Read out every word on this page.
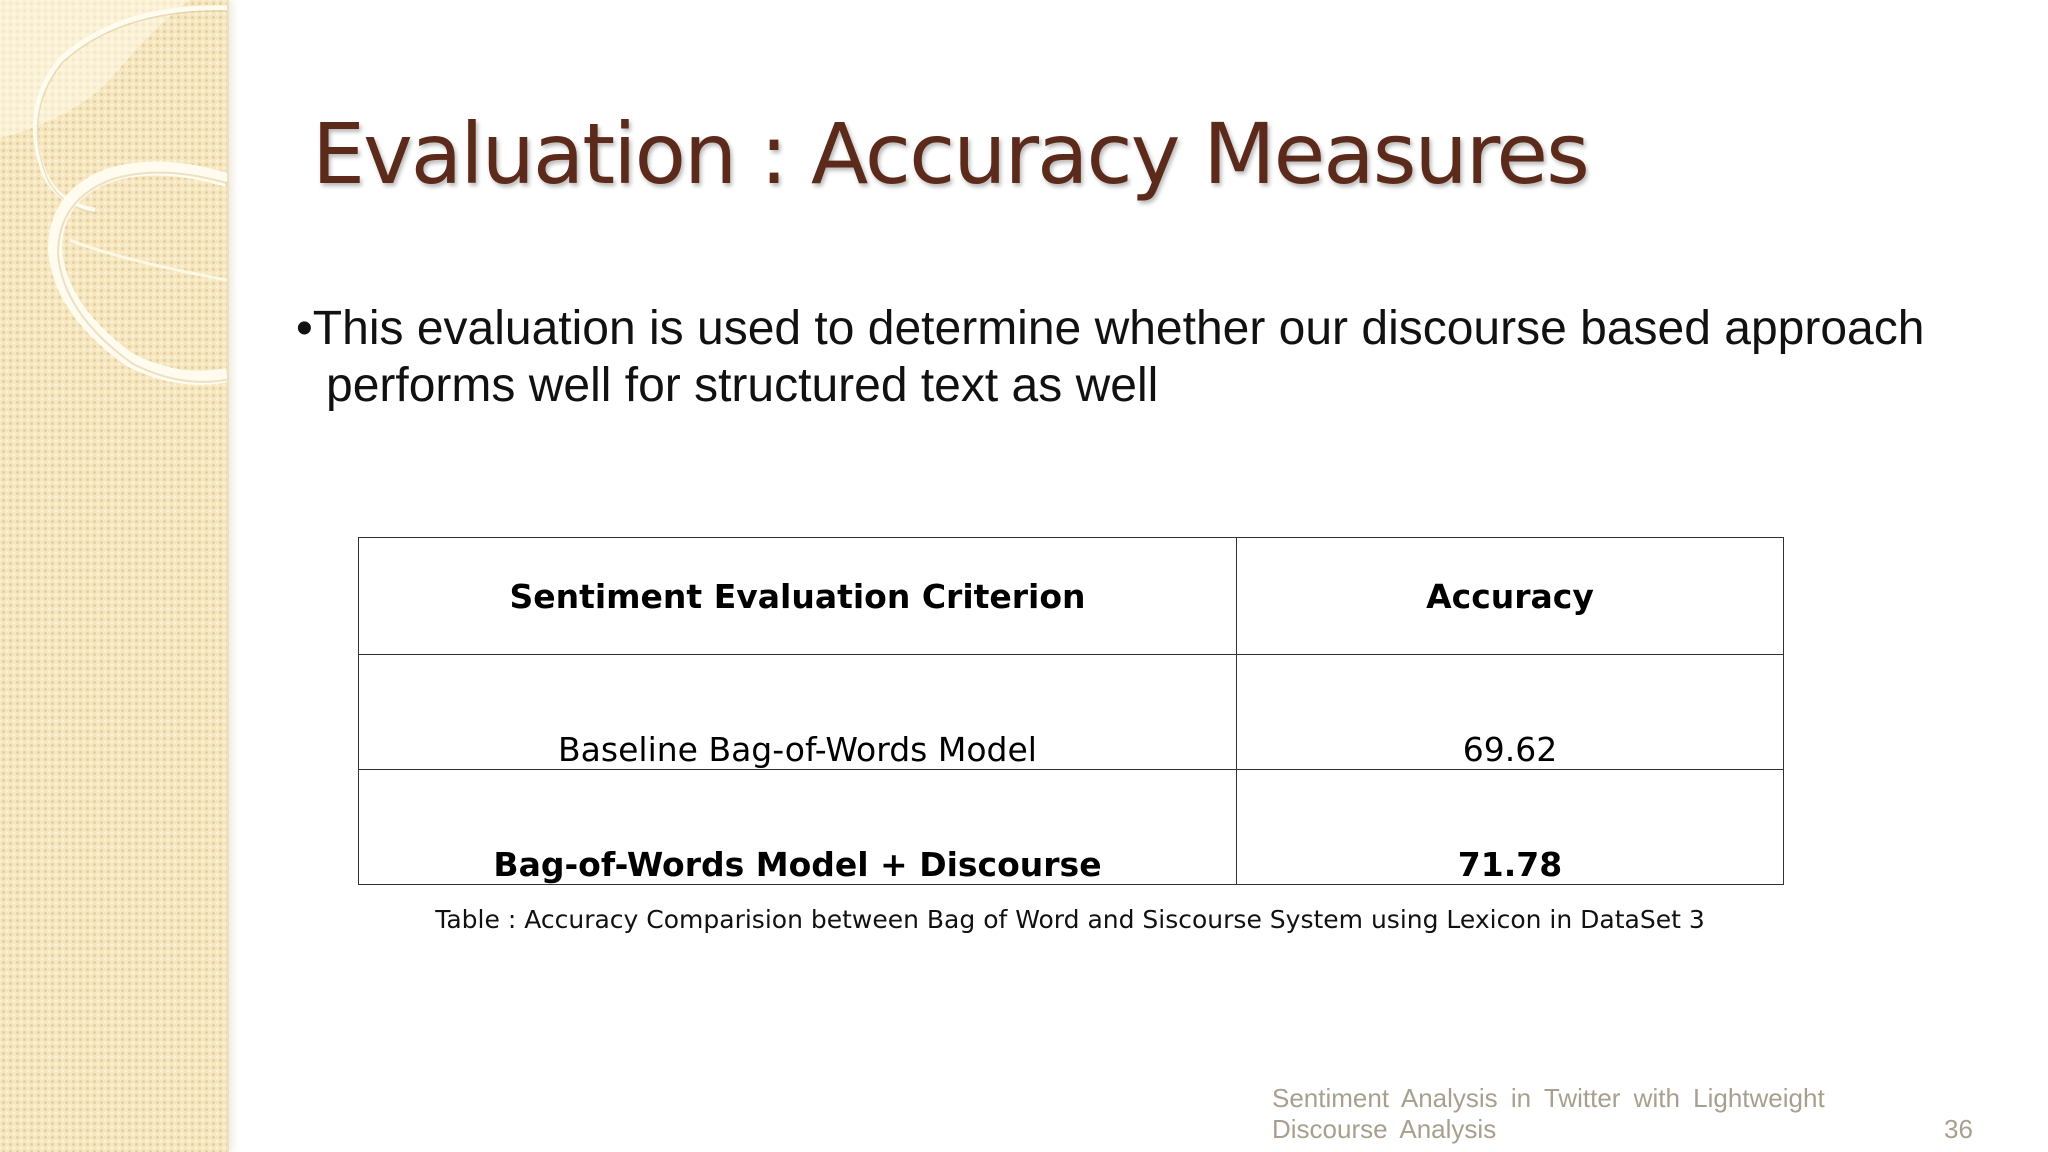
Evaluation : Accuracy Measures
•This evaluation is used to determine whether our discourse based approach
performs well for structured text as well
Sentiment Evaluation Criterion	Accuracy
Baseline Bag-of-Words Model	69.62
Bag-of-Words Model + Discourse	71.78
Table : Accuracy Comparision between Bag of Word and Siscourse System using Lexicon in DataSet 3
Sentiment Analysis in Twitter with Lightweight
Discourse Analysis	36
